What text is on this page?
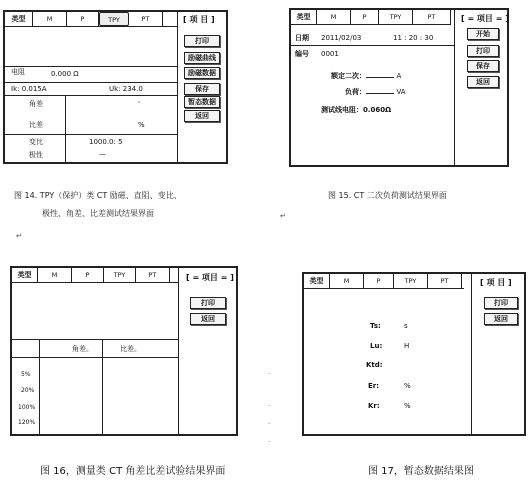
类型	M	P	TPY	PT	[ 项 目 ]
打印
励磁曲线
励磁数据
保存
暂态数据
返回
电阻	0.000 Ω
Ik: 0.015A	Uk: 234.0
角差	'
比差	%
变比	1000.0: 5
极性	—
类型	M	P	TPY	PT	[ = 项目 = ]
开始
打印
保存
返回
日期 2011/02/03	11 : 20 : 30
编号 0001
额定二次：	A
负荷：	VA
测试线电阻：0.060Ω
图 14. TPY（保护）类 CT 励磁、直阻、变比、
极性、角差、比差测试结果界面
图 15. CT 二次负荷测试结果界面
↵
↵
类型	M	P	TPY	PT	[ = 项目 = ]
打印
返回
角差。	比差。
5%
20%
100%
120%
.
.
.
.
类型	M	P	TPY	PT	[ 项 目 ]
打印
返回
Ts:	s
Lu:	H
Ktd:
Er:	%
Kr:	%
图 16，测量类 CT 角差比差试验结果界面	图 17，暂态数据结果图
